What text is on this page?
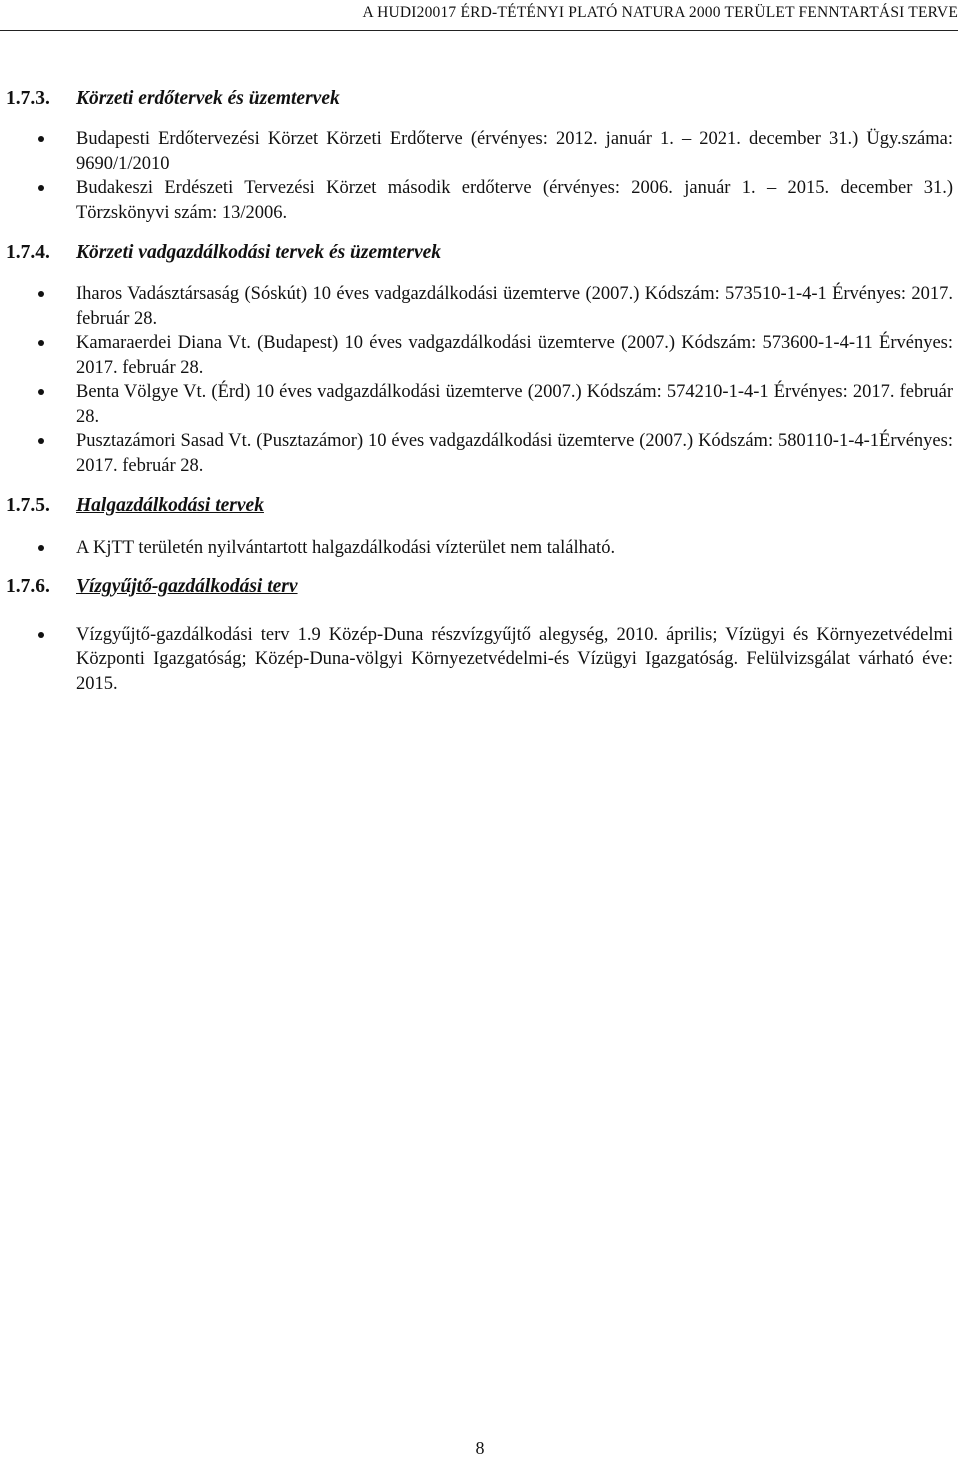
A HUDI20017 ÉRD-TÉTÉNYI PLATÓ NATURA 2000 TERÜLET FENNTARTÁSI TERVE
1.7.3.	Körzeti erdőtervek és üzemtervek
Budapesti Erdőtervezési Körzet Körzeti Erdőterve (érvényes: 2012. január 1. – 2021. december 31.) Ügy.száma: 9690/1/2010
Budakeszi Erdészeti Tervezési Körzet második erdőterve (érvényes: 2006. január 1. – 2015. december 31.) Törzskönyvi szám: 13/2006.
1.7.4.	Körzeti vadgazdálkodási tervek és üzemtervek
Iharos Vadásztársaság (Sóskút) 10 éves vadgazdálkodási üzemterve (2007.) Kódszám: 573510-1-4-1 Érvényes: 2017. február 28.
Kamaraerdei Diana Vt. (Budapest) 10 éves vadgazdálkodási üzemterve (2007.) Kódszám: 573600-1-4-11 Érvényes: 2017. február 28.
Benta Völgye Vt. (Érd) 10 éves vadgazdálkodási üzemterve (2007.) Kódszám: 574210-1-4-1 Érvényes: 2017. február 28.
Pusztazámori Sasad Vt. (Pusztazámor) 10 éves vadgazdálkodási üzemterve (2007.) Kódszám: 580110-1-4-1Érvényes: 2017. február 28.
1.7.5.	Halgazdálkodási tervek
A KjTT területén nyilvántartott halgazdálkodási vízterület nem található.
1.7.6.	Vízgyűjtő-gazdálkodási terv
Vízgyűjtő-gazdálkodási terv 1.9 Közép-Duna részvízgyűjtő alegység, 2010. április; Vízügyi és Környezetvédelmi Központi Igazgatóság; Közép-Duna-völgyi Környezetvédelmi-és Vízügyi Igazgatóság. Felülvizsgálat várható éve: 2015.
8
